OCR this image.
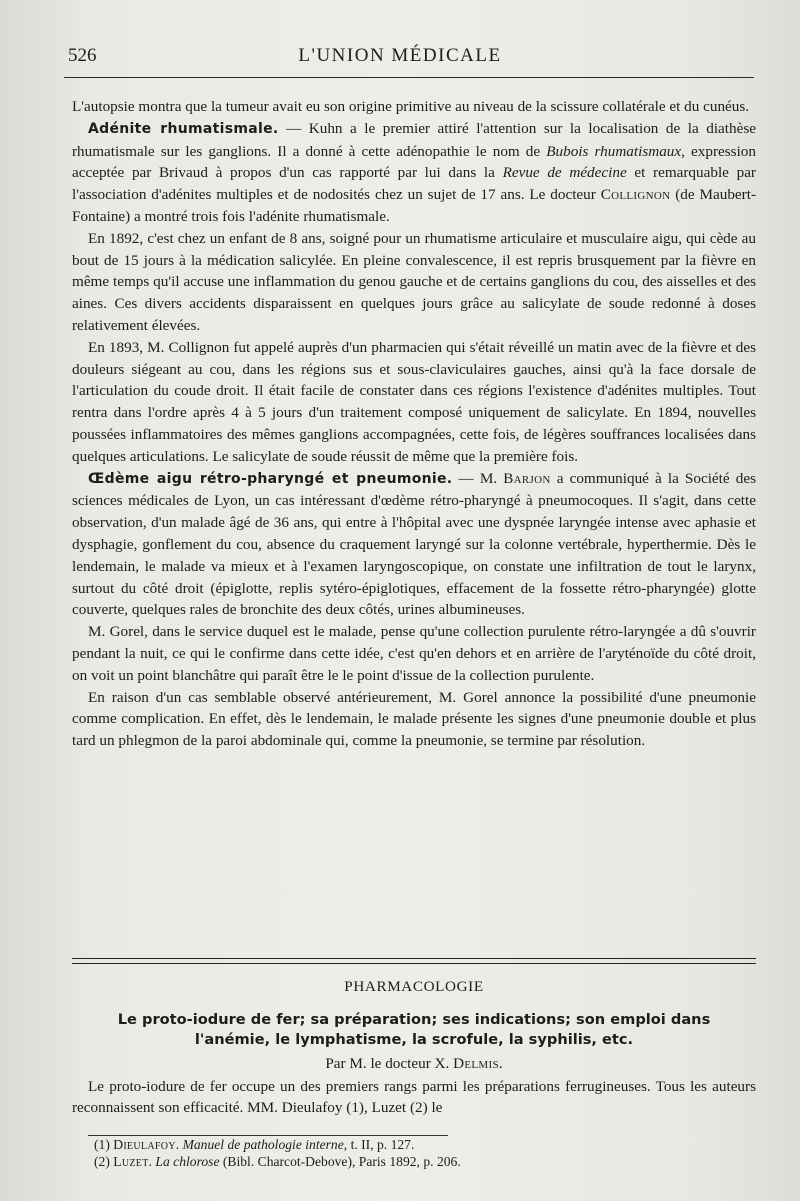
526	L'UNION MÉDICALE

L'autopsie montra que la tumeur avait eu son origine primitive au niveau de la scissure collatérale et du cunéus.

Adénite rhumatismale. — Kuhn a le premier attiré l'attention sur la localisation de la diathèse rhumatismale sur les ganglions. Il a donné à cette adénopathie le nom de Bubois rhumatismaux, expression acceptée par Brivaud à propos d'un cas rapporté par lui dans la Revue de médecine et remarquable par l'association d'adénites multiples et de nodosités chez un sujet de 17 ans. Le docteur Collignon (de Maubert-Fontaine) a montré trois fois l'adénite rhumatismale.

En 1892, c'est chez un enfant de 8 ans, soigné pour un rhumatisme articulaire et musculaire aigu, qui cède au bout de 15 jours à la médication salicylée. En pleine convalescence, il est repris brusquement par la fièvre en même temps qu'il accuse une inflammation du genou gauche et de certains ganglions du cou, des aisselles et des aines. Ces divers accidents disparaissent en quelques jours grâce au salicylate de soude redonné à doses relativement élevées.

En 1893, M. Collignon fut appelé auprès d'un pharmacien qui s'était réveillé un matin avec de la fièvre et des douleurs siégeant au cou, dans les régions sus et sous-claviculaires gauches, ainsi qu'à la face dorsale de l'articulation du coude droit. Il était facile de constater dans ces régions l'existence d'adénites multiples. Tout rentra dans l'ordre après 4 à 5 jours d'un traitement composé uniquement de salicylate. En 1894, nouvelles poussées inflammatoires des mêmes ganglions accompagnées, cette fois, de légères souffrances localisées dans quelques articulations. Le salicylate de soude réussit de même que la première fois.

Œdème aigu rétro-pharyngé et pneumonie. — M. Barjon a communiqué à la Société des sciences médicales de Lyon, un cas intéressant d'œdème rétro-pharyngé à pneumocoques. Il s'agit, dans cette observation, d'un malade âgé de 36 ans, qui entre à l'hôpital avec une dyspnée laryngée intense avec aphasie et dysphagie, gonflement du cou, absence du craquement laryngé sur la colonne vertébrale, hyperthermie. Dès le lendemain, le malade va mieux et à l'examen laryngoscopique, on constate une infiltration de tout le larynx, surtout du côté droit (épiglotte, replis sytéro-épiglotiques, effacement de la fossette rétro-pharyngée) glotte couverte, quelques rales de bronchite des deux côtés, urines albumineuses.

M. Gorel, dans le service duquel est le malade, pense qu'une collection purulente rétro-laryngée a dû s'ouvrir pendant la nuit, ce qui le confirme dans cette idée, c'est qu'en dehors et en arrière de l'aryténoïde du côté droit, on voit un point blanchâtre qui paraît être le le point d'issue de la collection purulente.

En raison d'un cas semblable observé antérieurement, M. Gorel annonce la possibilité d'une pneumonie comme complication. En effet, dès le lendemain, le malade présente les signes d'une pneumonie double et plus tard un phlegmon de la paroi abdominale qui, comme la pneumonie, se termine par résolution.

PHARMACOLOGIE
Le proto-iodure de fer; sa préparation; ses indications; son emploi dans
l'anémie, le lymphatisme, la scrofule, la syphilis, etc.
Par M. le docteur X. Delmis.
Le proto-iodure de fer occupe un des premiers rangs parmi les préparations ferrugineuses. Tous les auteurs reconnaissent son efficacité. MM. Dieulafoy (1), Luzet (2) le
(1) Dieulafoy. Manuel de pathologie interne, t. II, p. 127.
(2) Luzet. La chlorose (Bibl. Charcot-Debove), Paris 1892, p. 206.
